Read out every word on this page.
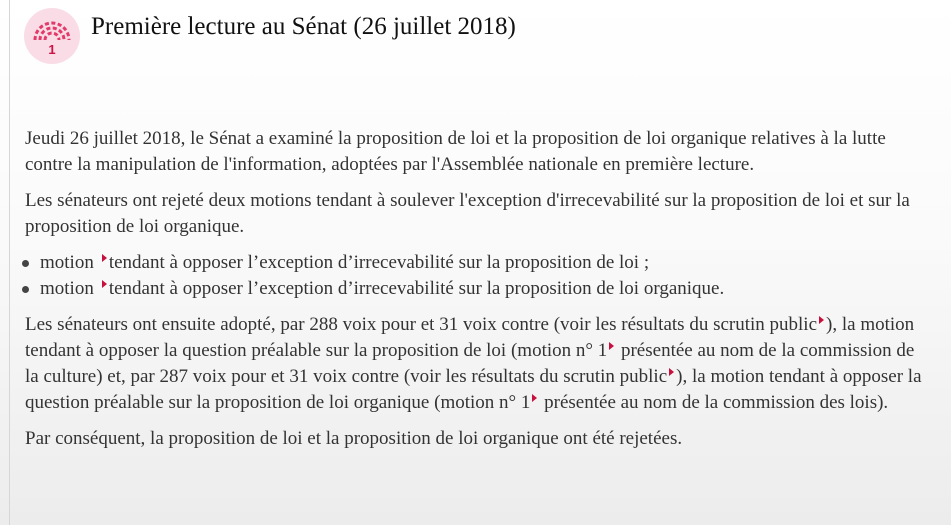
1
Première lecture au Sénat (26 juillet 2018)

Jeudi 26 juillet 2018, le Sénat a examiné la proposition de loi et la proposition de loi organique relatives à la lutte contre la manipulation de l'information, adoptées par l'Assemblée nationale en première lecture.

Les sénateurs ont rejeté deux motions tendant à soulever l'exception d'irrecevabilité sur la proposition de loi et sur la proposition de loi organique.

motion tendant à opposer l’exception d’irrecevabilité sur la proposition de loi ;
motion tendant à opposer l’exception d’irrecevabilité sur la proposition de loi organique.

Les sénateurs ont ensuite adopté, par 288 voix pour et 31 voix contre (voir les résultats du scrutin public ), la motion tendant à opposer la question préalable sur la proposition de loi (motion n° 1 présentée au nom de la commission de la culture) et, par 287 voix pour et 31 voix contre (voir les résultats du scrutin public ), la motion tendant à opposer la question préalable sur la proposition de loi organique (motion n° 1 présentée au nom de la commission des lois).

Par conséquent, la proposition de loi et la proposition de loi organique ont été rejetées.
